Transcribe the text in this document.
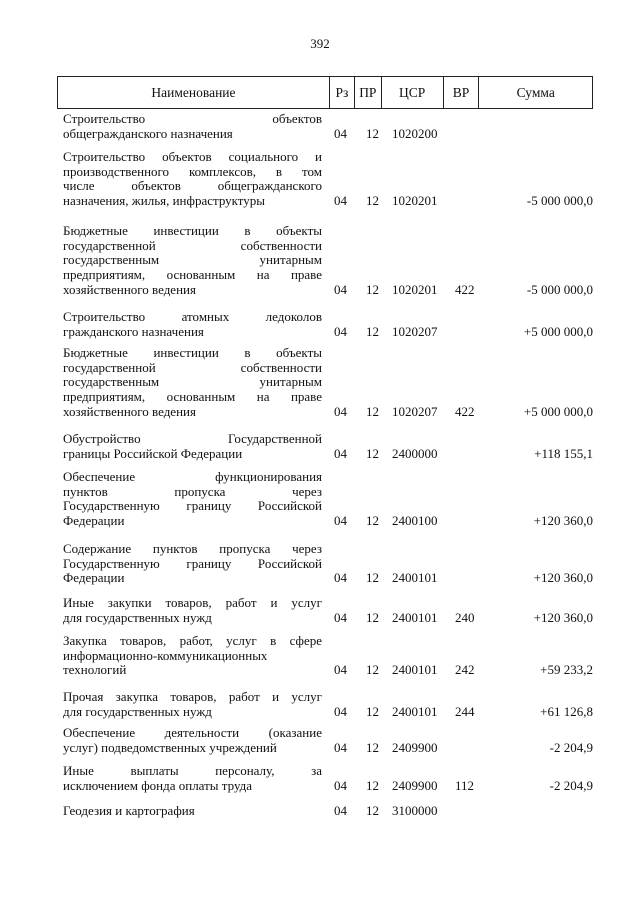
392
Наименование	Рз ПР	ЦСР	ВР	Сумма
Строительство объектов
общегражданского назначения	04 12 1020200
Строительство объектов социального и
производственного комплексов, в том
числе объектов общегражданского
назначения, жилья, инфраструктуры	04 12 1020201	-5 000 000,0
Бюджетные инвестиции в объекты
государственной собственности
государственным унитарным
предприятиям, основанным на праве
хозяйственного ведения	04 12 1020201 422	-5 000 000,0
Строительство атомных ледоколов
гражданского назначения	04 12 1020207	+5 000 000,0
Бюджетные инвестиции в объекты
государственной собственности
государственным унитарным
предприятиям, основанным на праве
хозяйственного ведения	04 12 1020207 422	+5 000 000,0
Обустройство Государственной
границы Российской Федерации	04 12 2400000	+118 155,1
Обеспечение функционирования
пунктов пропуска через
Государственную границу Российской
Федерации	04 12 2400100	+120 360,0
Содержание пунктов пропуска через
Государственную границу Российской
Федерации	04 12 2400101	+120 360,0
Иные закупки товаров, работ и услуг
для государственных нужд	04 12 2400101 240	+120 360,0
Закупка товаров, работ, услуг в сфере
информационно-коммуникационных
технологий	04 12 2400101 242	+59 233,2
Прочая закупка товаров, работ и услуг
для государственных нужд	04 12 2400101 244	+61 126,8
Обеспечение деятельности (оказание
услуг) подведомственных учреждений	04 12 2409900	-2 204,9
Иные выплаты персоналу, за
исключением фонда оплаты труда	04 12 2409900 112	-2 204,9
Геодезия и картография	04 12 3100000
